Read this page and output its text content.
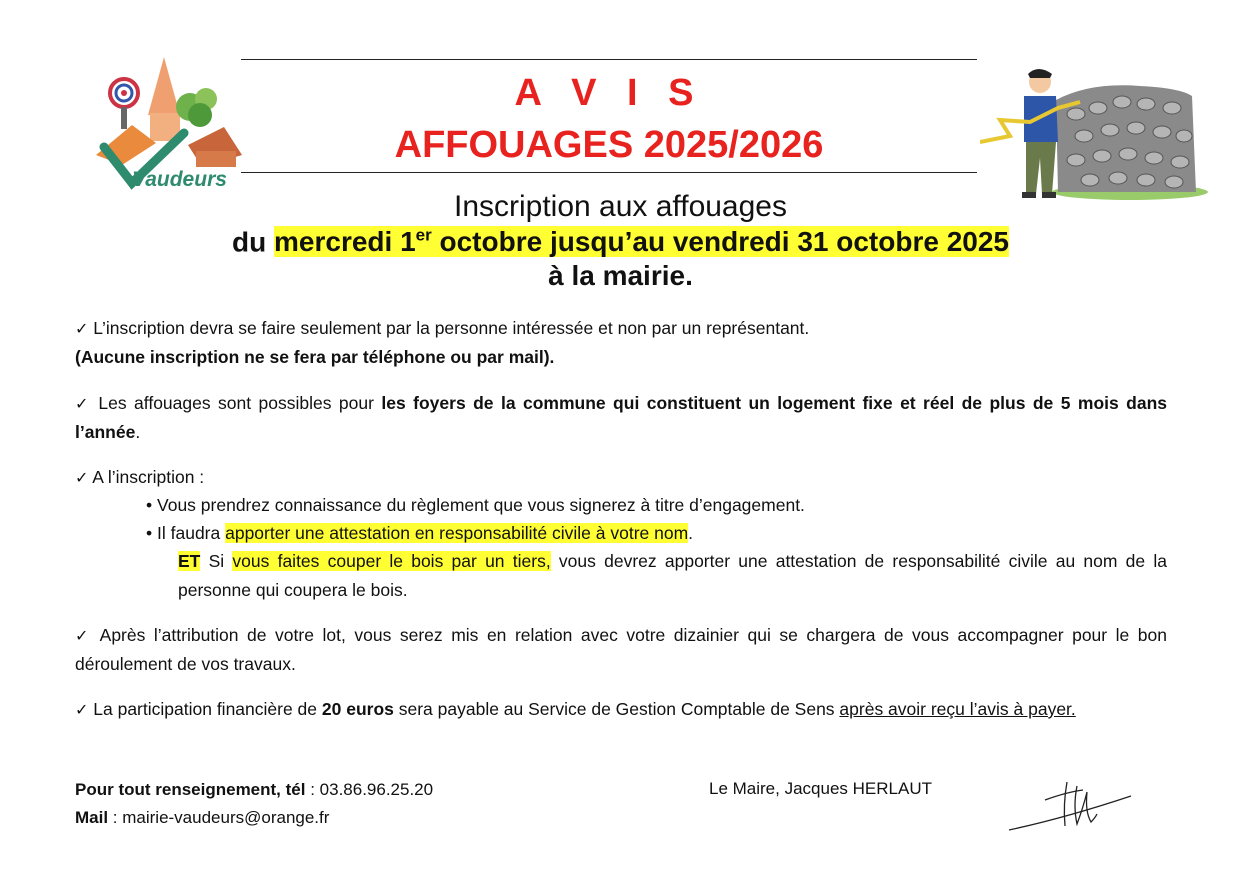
Vaudeurs
A V I S
AFFOUAGES 2025/2026
Inscription aux affouages
du mercredi 1er octobre jusqu’au vendredi 31 octobre 2025
à la mairie.
✓ L’inscription devra se faire seulement par la personne intéressée et non par un représentant.
(Aucune inscription ne se fera par téléphone ou par mail).
✓ Les affouages sont possibles pour les foyers de la commune qui constituent un logement fixe et réel de plus de 5 mois dans l’année.
✓ A l’inscription :
• Vous prendrez connaissance du règlement que vous signerez à titre d’engagement.
• Il faudra apporter une attestation en responsabilité civile à votre nom.
ET Si vous faites couper le bois par un tiers, vous devrez apporter une attestation de responsabilité civile au nom de la personne qui coupera le bois.
✓ Après l’attribution de votre lot, vous serez mis en relation avec votre dizainier qui se chargera de vous accompagner pour le bon déroulement de vos travaux.
✓ La participation financière de 20 euros sera payable au Service de Gestion Comptable de Sens après avoir reçu l’avis à payer.
Pour tout renseignement, tél : 03.86.96.25.20
Mail : mairie-vaudeurs@orange.fr
Le Maire, Jacques HERLAUT
